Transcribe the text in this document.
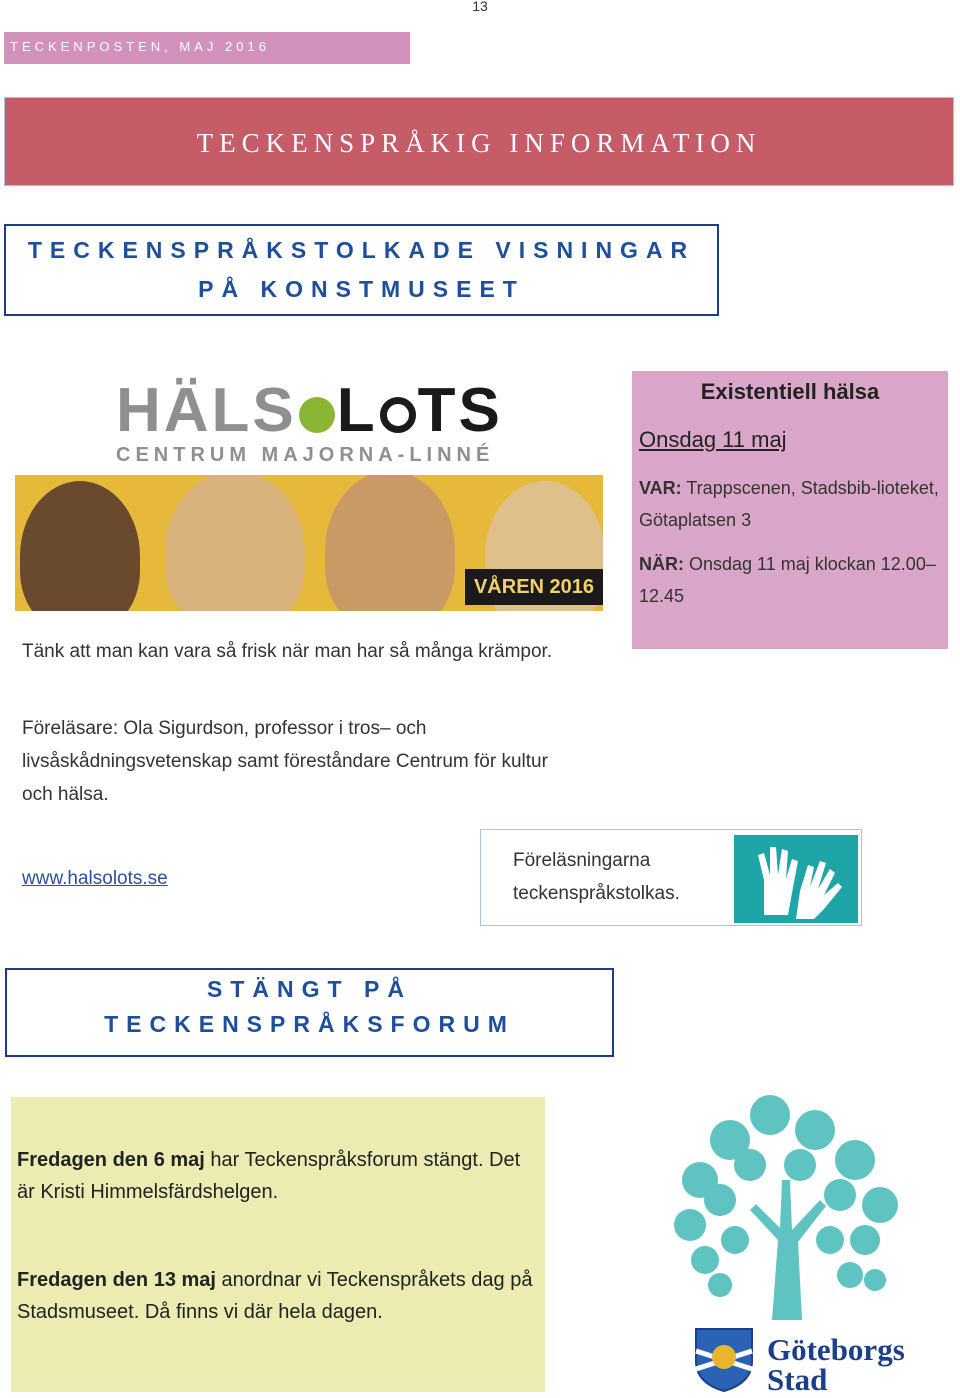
13
TECKENPOSTEN, MAJ 2016
TECKENSPRÅKIG INFORMATION
TECKENSPRÅKSTOLKADE VISNINGAR
PÅ KONSTMUSEET
HÄLS L TS
CENTRUM MAJORNA-LINNÉ
VÅREN 2016
Existentiell hälsa
Onsdag 11 maj

VAR: Trappscenen, Stadsbib-lioteket, Götaplatsen 3

NÄR: Onsdag 11 maj klockan 12.00–12.45

Tänk att man kan vara så frisk när man har så många krämpor.

Föreläsare: Ola Sigurdson, professor i tros– och livsåskådningsvetenskap samt föreståndare Centrum för kultur och hälsa.

www.halsolots.se
Föreläsningarna teckenspråkstolkas.
STÄNGT PÅ
TECKENSPRÅKSFORUM

Fredagen den 6 maj har Teckenspråksforum stängt. Det är Kristi Himmelsfärdshelgen.

Fredagen den 13 maj anordnar vi Teckenspråkets dag på Stadsmuseet. Då finns vi där hela dagen.

Göteborgs
Stad
